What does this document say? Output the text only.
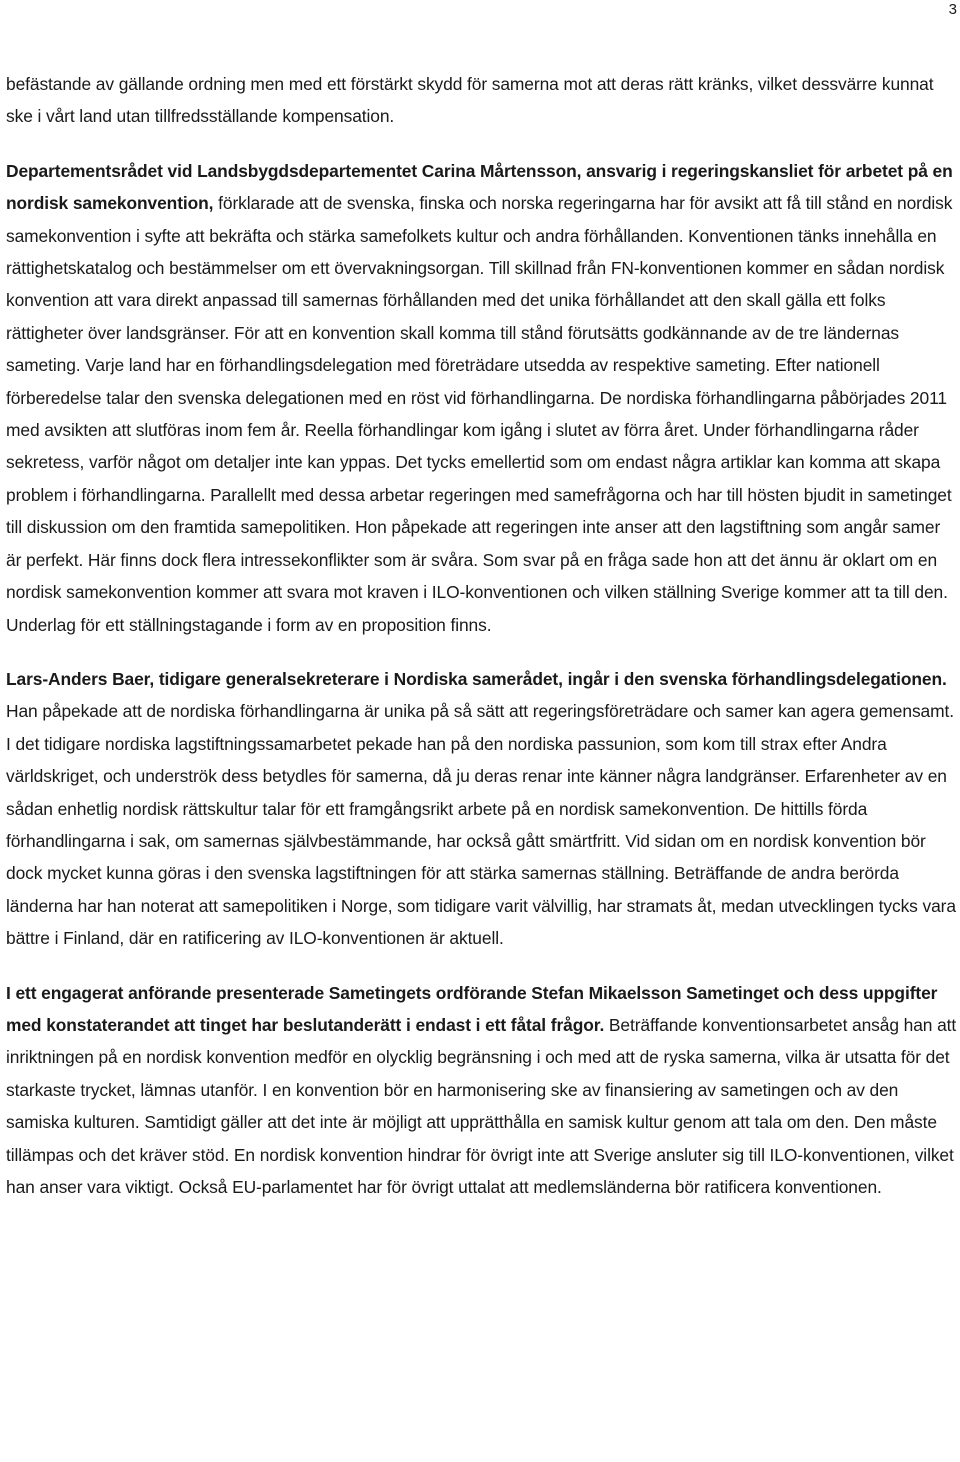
3

befästande av gällande ordning men med ett förstärkt skydd för samerna mot att deras rätt kränks, vilket dessvärre kunnat ske i vårt land utan tillfredsställande kompensation.

Departementsrådet vid Landsbygdsdepartementet Carina Mårtensson, ansvarig i regeringskansliet för arbetet på en nordisk samekonvention, förklarade att de svenska, finska och norska regeringarna har för avsikt att få till stånd en nordisk samekonvention i syfte att bekräfta och stärka samefolkets kultur och andra förhållanden. Konventionen tänks innehålla en rättighetskatalog och bestämmelser om ett övervakningsorgan. Till skillnad från FN-konventionen kommer en sådan nordisk konvention att vara direkt anpassad till samernas förhållanden med det unika förhållandet att den skall gälla ett folks rättigheter över landsgränser. För att en konvention skall komma till stånd förutsätts godkännande av de tre ländernas sameting. Varje land har en förhandlingsdelegation med företrädare utsedda av respektive sameting. Efter nationell förberedelse talar den svenska delegationen med en röst vid förhandlingarna. De nordiska förhandlingarna påbörjades 2011 med avsikten att slutföras inom fem år. Reella förhandlingar kom igång i slutet av förra året. Under förhandlingarna råder sekretess, varför något om detaljer inte kan yppas. Det tycks emellertid som om endast några artiklar kan komma att skapa problem i förhandlingarna. Parallellt med dessa arbetar regeringen med samefrågorna och har till hösten bjudit in sametinget till diskussion om den framtida samepolitiken. Hon påpekade att regeringen inte anser att den lagstiftning som angår samer är perfekt. Här finns dock flera intressekonflikter som är svåra. Som svar på en fråga sade hon att det ännu är oklart om en nordisk samekonvention kommer att svara mot kraven i ILO-konventionen och vilken ställning Sverige kommer att ta till den. Underlag för ett ställningstagande i form av en proposition finns.

Lars-Anders Baer, tidigare generalsekreterare i Nordiska samerådet, ingår i den svenska förhandlingsdelegationen. Han påpekade att de nordiska förhandlingarna är unika på så sätt att regeringsföreträdare och samer kan agera gemensamt. I det tidigare nordiska lagstiftningssamarbetet pekade han på den nordiska passunion, som kom till strax efter Andra världskriget, och underströk dess betydles för samerna, då ju deras renar inte känner några landgränser. Erfarenheter av en sådan enhetlig nordisk rättskultur talar för ett framgångsrikt arbete på en nordisk samekonvention. De hittills förda förhandlingarna i sak, om samernas självbestämmande, har också gått smärtfritt. Vid sidan om en nordisk konvention bör dock mycket kunna göras i den svenska lagstiftningen för att stärka samernas ställning. Beträffande de andra berörda länderna har han noterat att samepolitiken i Norge, som tidigare varit välvillig, har stramats åt, medan utvecklingen tycks vara bättre i Finland, där en ratificering av ILO-konventionen är aktuell.

I ett engagerat anförande presenterade Sametingets ordförande Stefan Mikaelsson Sametinget och dess uppgifter med konstaterandet att tinget har beslutanderätt i endast i ett fåtal frågor. Beträffande konventionsarbetet ansåg han att inriktningen på en nordisk konvention medför en olycklig begränsning i och med att de ryska samerna, vilka är utsatta för det starkaste trycket, lämnas utanför. I en konvention bör en harmonisering ske av finansiering av sametingen och av den samiska kulturen. Samtidigt gäller att det inte är möjligt att upprätthålla en samisk kultur genom att tala om den. Den måste tillämpas och det kräver stöd. En nordisk konvention hindrar för övrigt inte att Sverige ansluter sig till ILO-konventionen, vilket han anser vara viktigt. Också EU-parlamentet har för övrigt uttalat att medlemsländerna bör ratificera konventionen.
